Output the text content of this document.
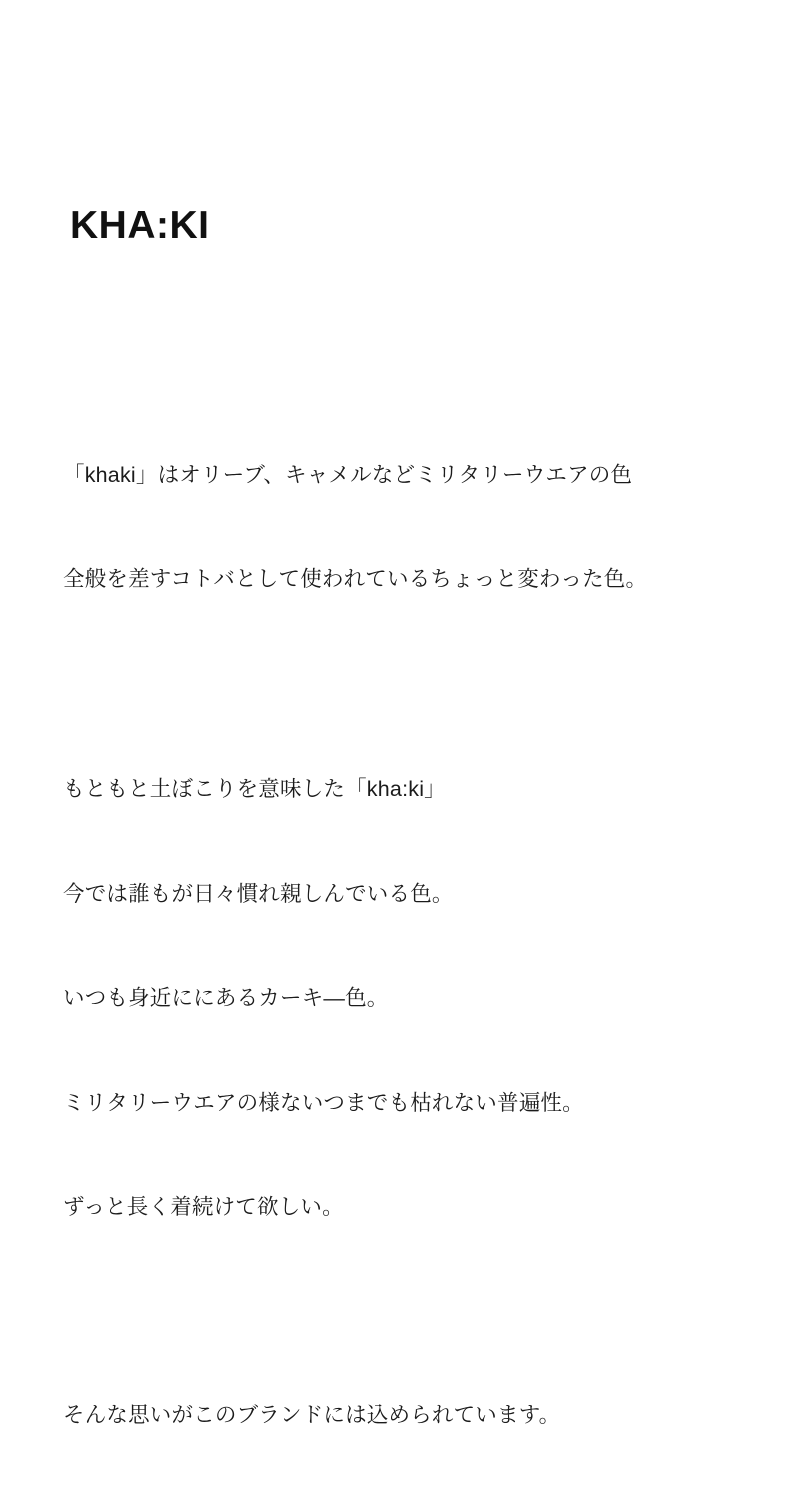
KHA:KI

「khaki」はオリーブ、キャメルなどミリタリーウエアの色

全般を差すコトバとして使われているちょっと変わった色。

もともと土ぼこりを意味した「kha:ki」

今では誰もが日々慣れ親しんでいる色。

いつも身近ににあるカーキ―色。

ミリタリーウエアの様ないつまでも枯れない普遍性。

ずっと長く着続けて欲しい。

そんな思いがこのブランドには込められています。
